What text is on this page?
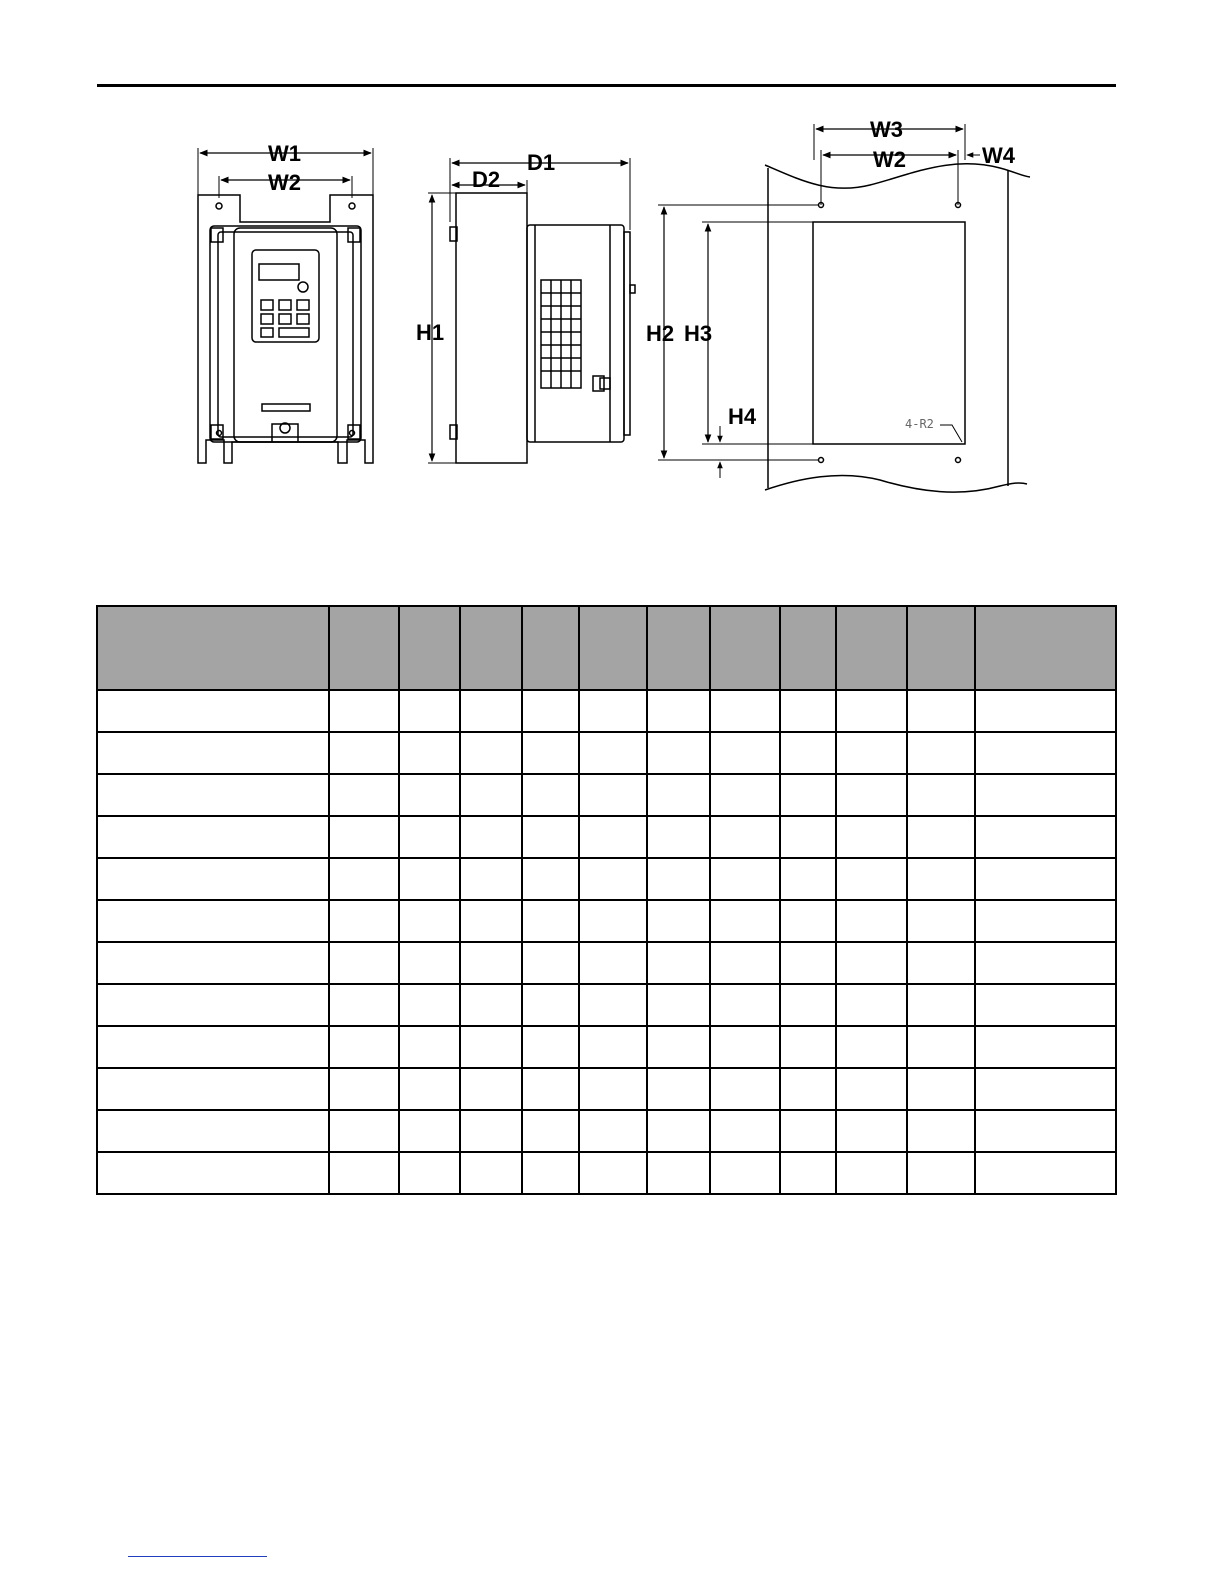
W1
W2
D1
D2
H1
W3
W2	W4
H2 H3
H4	4-R2
